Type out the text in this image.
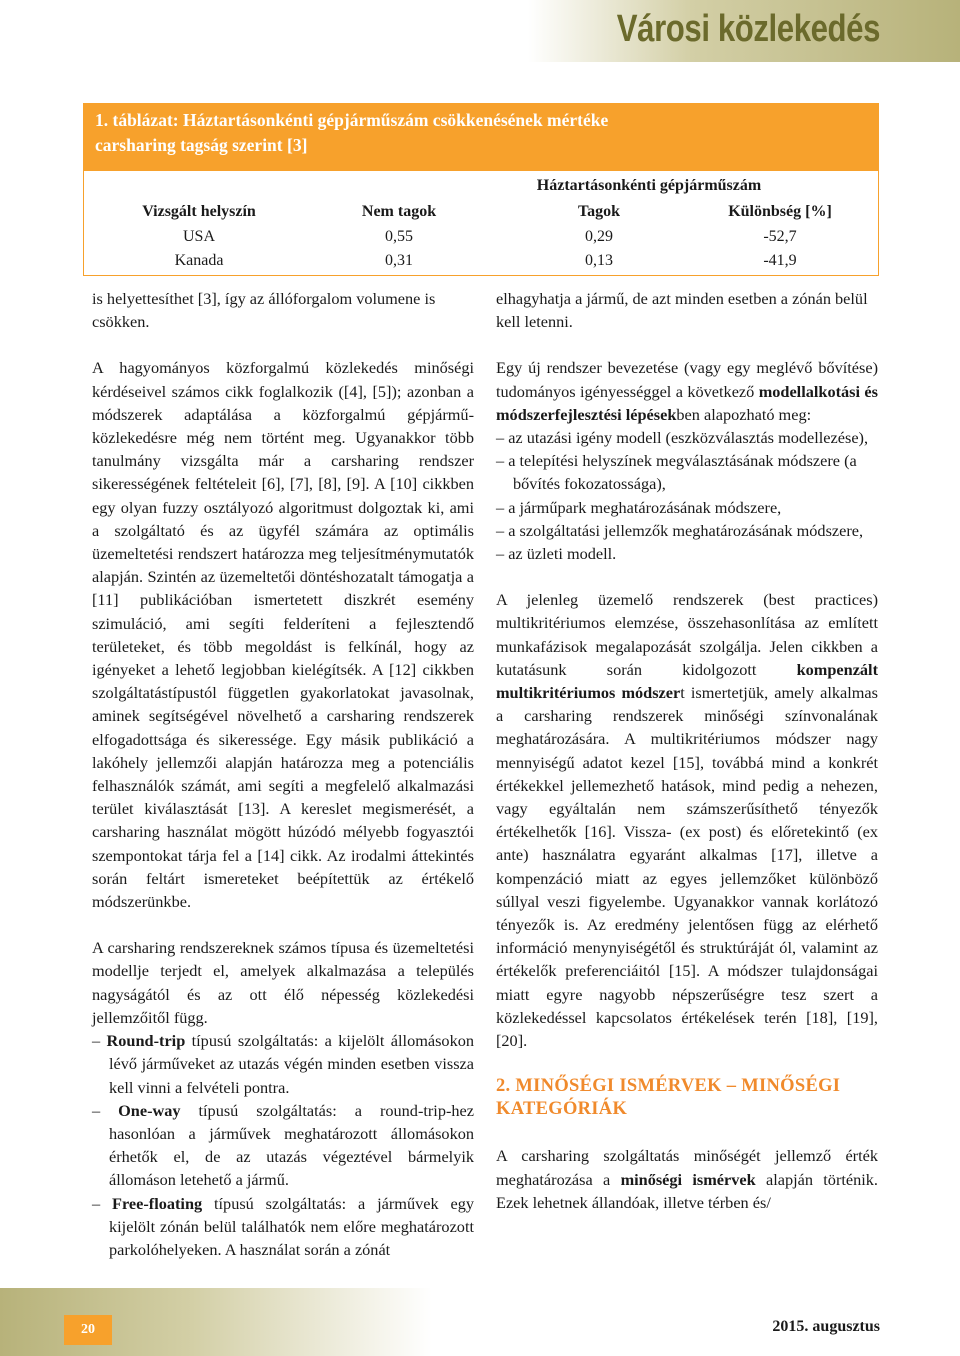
Városi közlekedés
1. táblázat: Háztartásonkénti gépjárműszám csökkenésének mértéke
carsharing tagság szerint [3]
Háztartásonkénti gépjárműszám
Vizsgált helyszín	Nem tagok	Tagok	Különbség [%]
USA	0,55	0,29	-52,7
Kanada	0,31	0,13	-41,9

is helyettesíthet [3], így az állóforgalom volumene is csökken.

A hagyományos közforgalmú közlekedés minőségi kérdéseivel számos cikk foglalkozik ([4], [5]); azonban a módszerek adaptálása a közforgalmú gépjármű-közlekedésre még nem történt meg. Ugyanakkor több tanulmány vizsgálta már a carsharing rendszer sikerességének feltételeit [6], [7], [8], [9]. A [10] cikkben egy olyan fuzzy osztályozó algoritmust dolgoztak ki, ami a szolgáltató és az ügyfél számára az optimális üzemeltetési rendszert határozza meg teljesítménymutatók alapján. Szintén az üzemeltetői döntéshozatalt támogatja a [11] publikációban ismertetett diszkrét esemény szimuláció, ami segíti felderíteni a fejlesztendő területeket, és több megoldást is felkínál, hogy az igényeket a lehető legjobban kielégítsék. A [12] cikkben szolgáltatástípustól független gyakorlatokat javasolnak, aminek segítségével növelhető a carsharing rendszerek elfogadottsága és sikeressége. Egy másik publikáció a lakóhely jellemzői alapján határozza meg a potenciális felhasználók számát, ami segíti a megfelelő alkalmazási terület kiválasztását [13]. A kereslet megismerését, a carsharing használat mögött húzódó mélyebb fogyasztói szempontokat tárja fel a [14] cikk. Az irodalmi áttekintés során feltárt ismereteket beépítettük az értékelő módszerünkbe.

A carsharing rendszereknek számos típusa és üzemeltetési modellje terjedt el, amelyek alkalmazása a település nagyságától és az ott élő népesség közlekedési jellemzőitől függ.

– Round-trip típusú szolgáltatás: a kijelölt állomásokon lévő járműveket az utazás végén minden esetben vissza kell vinni a felvételi pontra.

– One-way típusú szolgáltatás: a round-trip-hez hasonlóan a járművek meghatározott állomásokon érhetők el, de az utazás végeztével bármelyik állomáson letehető a jármű.

– Free-floating típusú szolgáltatás: a járművek egy kijelölt zónán belül találhatók nem előre meghatározott parkolóhelyeken. A használat során a zónát

elhagyhatja a jármű, de azt minden esetben a zónán belül kell letenni.

Egy új rendszer bevezetése (vagy egy meglévő bővítése) tudományos igényességgel a következő modellalkotási és módszerfejlesztési lépésekben alapozható meg:

– az utazási igény modell (eszközválasztás modellezése),

– a telepítési helyszínek megválasztásának módszere (a bővítés fokozatossága),

– a járműpark meghatározásának módszere,

– a szolgáltatási jellemzők meghatározásának módszere,

– az üzleti modell.

A jelenleg üzemelő rendszerek (best practices) multikritériumos elemzése, összehasonlítása az említett munkafázisok megalapozását szolgálja. Jelen cikkben a kutatásunk során kidolgozott kompenzált multikritériumos módszert ismertetjük, amely alkalmas a carsharing rendszerek minőségi színvonalának meghatározására. A multikritériumos módszer nagy mennyiségű adatot kezel [15], továbbá mind a konkrét értékekkel jellemezhető hatások, mind pedig a nehezen, vagy egyáltalán nem számszerűsíthető tényezők értékelhetők [16]. Vissza- (ex post) és előretekintő (ex ante) használatra egyaránt alkalmas [17], illetve a kompenzáció miatt az egyes jellemzőket különböző súllyal veszi figyelembe. Ugyanakkor vannak korlátozó tényezők is. Az eredmény jelentősen függ az elérhető információ menynyiségétől és struktúráját ól, valamint az értékelők preferenciáitól [15]. A módszer tulajdonságai miatt egyre nagyobb népszerűségre tesz szert a közlekedéssel kapcsolatos értékelések terén [18], [19], [20].

2. MINŐSÉGI ISMÉRVEK – MINŐSÉGI KATEGÓRIÁK

A carsharing szolgáltatás minőségét jellemző érték meghatározása a minőségi ismérvek alapján történik. Ezek lehetnek állandóak, illetve térben és/

20	2015. augusztus
